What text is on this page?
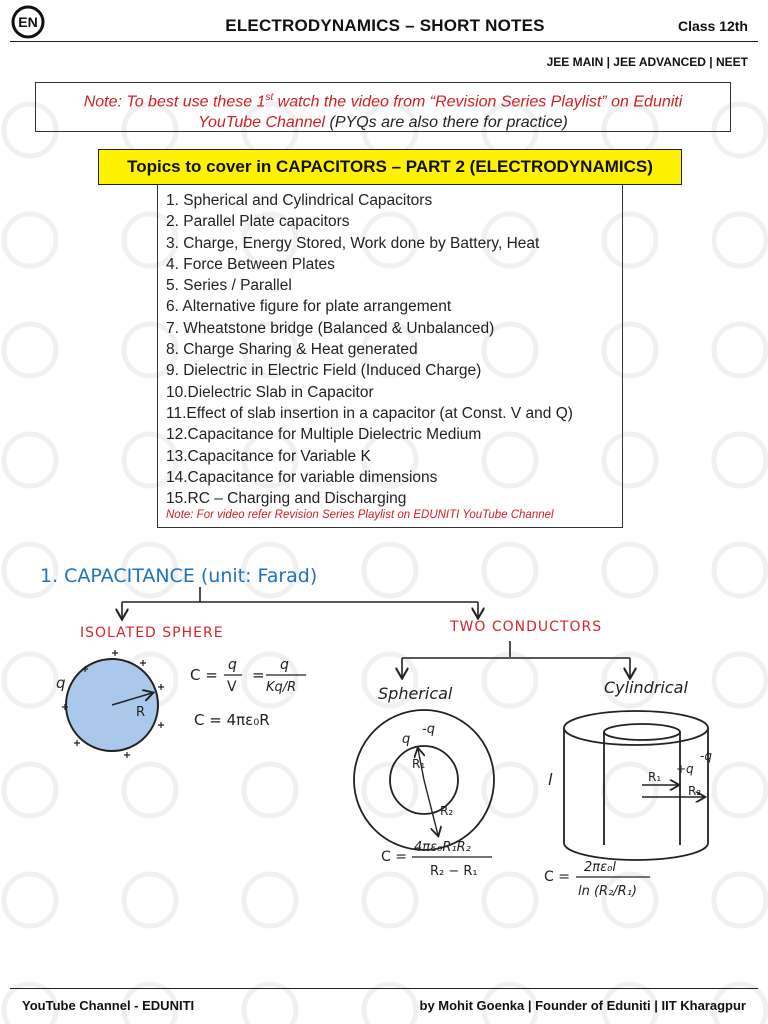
EN	ELECTRODYNAMICS – SHORT NOTES	Class 12th
JEE MAIN | JEE ADVANCED | NEET
Note: To best use these 1st watch the video from “Revision Series Playlist” on Eduniti
YouTube Channel (PYQs are also there for practice)
Topics to cover in CAPACITORS – PART 2 (ELECTRODYNAMICS)
1. Spherical and Cylindrical Capacitors
2. Parallel Plate capacitors
3. Charge, Energy Stored, Work done by Battery, Heat
4. Force Between Plates
5. Series / Parallel
6. Alternative figure for plate arrangement
7. Wheatstone bridge (Balanced & Unbalanced)
8. Charge Sharing & Heat generated
9. Dielectric in Electric Field (Induced Charge)
10.Dielectric Slab in Capacitor
11.Effect of slab insertion in a capacitor (at Const. V and Q)
12.Capacitance for Multiple Dielectric Medium
13.Capacitance for Variable K
14.Capacitance for variable dimensions
15.RC – Charging and Discharging
Note: For video refer Revision Series Playlist on EDUNITI YouTube Channel
1. CAPACITANCE (unit: Farad)
ISOLATED SPHERE	TWO CONDUCTORS
Spherical	Cylindrical
R
q	C =
q
V
=
q
Kq/R
C = 4πε₀R
R₁
R₂
q
-q
C =
4πε₀R₁R₂
R₂ − R₁
R₁
R₂
+q
-q
l
C =
2πε₀l
ln (R₂/R₁)
YouTube Channel - EDUNITI	by Mohit Goenka | Founder of Eduniti | IIT Kharagpur
